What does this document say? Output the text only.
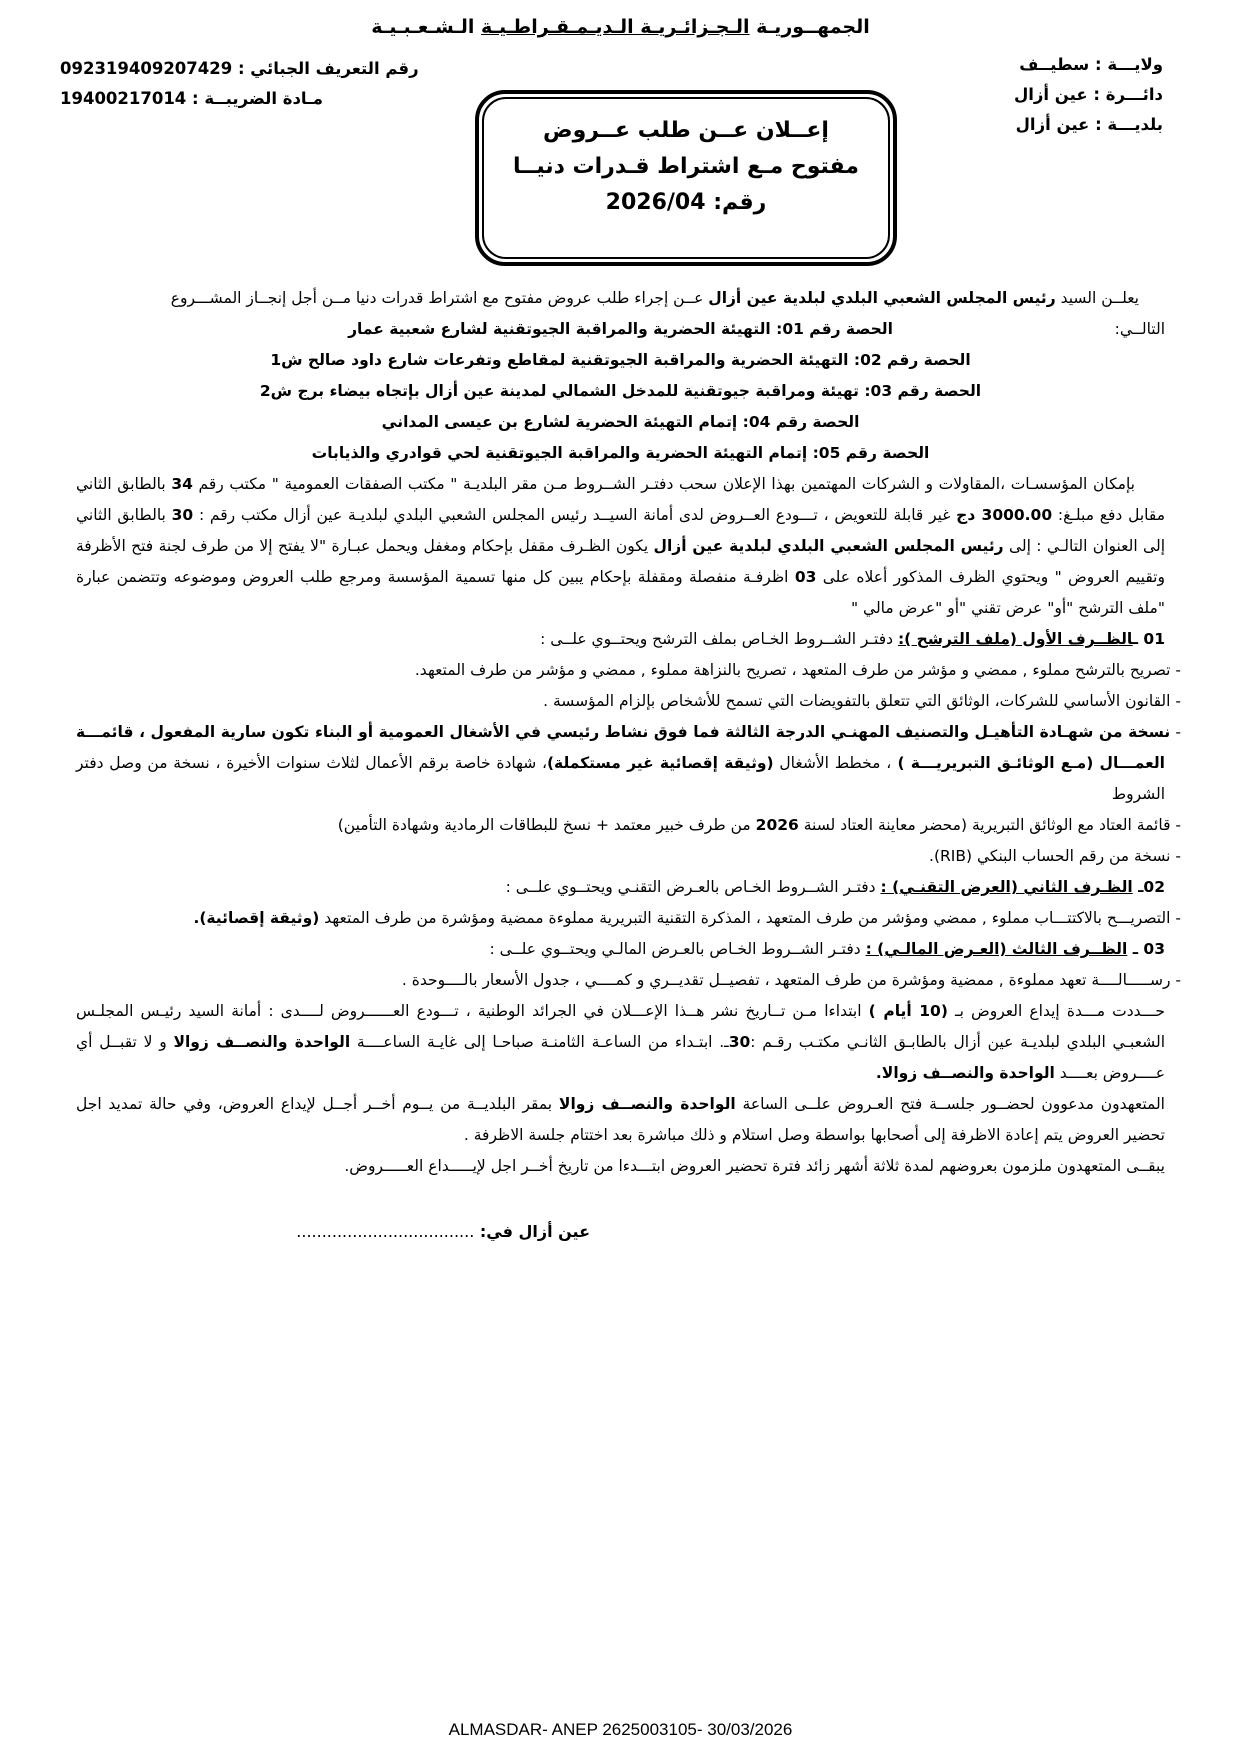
الجمهــوريـة الـجـزائـريـة الـديـمـقـراطـيـة الـشـعـبـيـة
ولايـــة : سطيــف
دائـــرة : عين أزال
بلديـــة : عين أزال
رقم التعريف الجبائي : 092319409207429
مـادة الضريبــة : 19400217014
إعــلان عــن طلب عــروض
مفتوح مـع اشتراط قـدرات دنيــا
رقم: 2026/04

يعلــن السيد رئيس المجلس الشعبي البلدي لبلدية عين أزال عــن إجراء طلب عروض مفتوح مع اشتراط قدرات دنيا مــن أجل إنجــاز المشـــروع

التالــي:
الحصة رقم 01: التهيئة الحضرية والمراقبة الجيوتقنية لشارع شعبية عمار
الحصة رقم 02: التهيئة الحضرية والمراقبة الجيوتقنية لمقاطع وتفرعات شارع داود صالح ش1
الحصة رقم 03: تهيئة ومراقبة جيوتقنية للمدخل الشمالي لمدينة عين أزال بإتجاه بيضاء برج ش2
الحصة رقم 04: إتمام التهيئة الحضرية لشارع بن عيسى المداني
الحصة رقم 05: إتمام التهيئة الحضرية والمراقبة الجيوتقنية لحي قوادري والذيابات

بإمكان المؤسسـات ،المقاولات و الشركات المهتمين بهذا الإعلان سحب دفتـر الشــروط مـن مقر البلديـة " مكتب الصفقات العمومية " مكتب رقم 34 بالطابق الثاني مقابل دفع مبلـغ: 3000.00 دج غير قابلة للتعويض ، تـــودع العــروض لدى أمانة السيــد رئيس المجلس الشعبي البلدي لبلديـة عين أزال مكتب رقم : 30 بالطابق الثاني إلى العنوان التالـي : إلى رئيس المجلس الشعبي البلدي لبلدية عين أزال يكون الظـرف مقفل بإحكام ومغفل ويحمل عبـارة "لا يفتح إلا من طرف لجنة فتح الأظرفة وتقييم العروض " ويحتوي الظرف المذكور أعلاه على 03 اظرفـة منفصلة ومقفلة بإحكام يبين كل منها تسمية المؤسسة ومرجع طلب العروض وموضوعه وتتضمن عبارة "ملف الترشح "أو" عرض تقني "أو "عرض مالي "

01 ـالظــرف الأول (ملف الترشح ): دفتـر الشــروط الخـاص بملف الترشح ويحتــوي علــى :
- تصريح بالترشح مملوء , ممضي و مؤشر من طرف المتعهد ، تصريح بالنزاهة مملوء , ممضي و مؤشر من طرف المتعهد.
- القانون الأساسي للشركات، الوثائق التي تتعلق بالتفويضات التي تسمح للأشخاص بإلزام المؤسسة .
- نسخة من شهـادة التأهيـل والتصنيف المهنـي الدرجة الثالثة فما فوق نشاط رئيسي في الأشغال العمومية أو البناء تكون سارية المفعول ، قائمـــة العمـــال (مـع الوثائـق التبريريـــة ) ، مخطط الأشغال (وثيقة إقصائية غير مستكملة)، شهادة خاصة برقم الأعمال لثلاث سنوات الأخيرة ، نسخة من وصل دفتر الشروط
- قائمة العتاد مع الوثائق التبريرية (محضر معاينة العتاد لسنة 2026 من طرف خبير معتمد + نسخ للبطاقات الرمادية وشهادة التأمين)
- نسخة من رقم الحساب البنكي (RIB).
02ـ الظـرف الثاني (العرض التقنـي) : دفتـر الشــروط الخـاص بالعـرض التقنـي ويحتــوي علــى :
- التصريـــح بالاكتتـــاب مملوء , ممضي ومؤشر من طرف المتعهد ، المذكرة التقنية التبريرية مملوءة ممضية ومؤشرة من طرف المتعهد (وثيقة إقصائية).
03 ـ الظــرف الثالث (العـرض المالـي) : دفتـر الشــروط الخـاص بالعـرض المالـي ويحتــوي علــى :
- رســـــالــــة تعهد مملوءة , ممضية ومؤشرة من طرف المتعهد ، تفصيــل تقديــري و كمــــي ، جدول الأسعار بالــــوحدة .

حـــددت مـــدة إيداع العروض بـ (10 أيام ) ابتداءا مـن تــاريخ نشر هــذا الإعـــلان في الجرائد الوطنية ، تـــودع العــــــروض لــــدى : أمانة السيد رئيـس المجلـس الشعبـي البلدي لبلديـة عين أزال بالطابـق الثانـي مكتـب رقـم :30ـ. ابتـداء من الساعـة الثامنـة صباحـا إلى غايـة الساعــــة الواحدة والنصــف زوالا و لا تقبــل أي عــــروض بعــــد الواحدة والنصــف زوالا.

المتعهدون مدعوون لحضــور جلســة فتح العـروض علــى الساعة الواحدة والنصــف زوالا بمقر البلديــة من يــوم أخــر أجــل لإيداع العروض، وفي حالة تمديد اجل تحضير العروض يتم إعادة الاظرفة إلى أصحابها بواسطة وصل استلام و ذلك مباشرة بعد اختتام جلسة الاظرفة .

يبقــى المتعهدون ملزمون بعروضهم لمدة ثلاثة أشهر زائد فترة تحضير العروض ابتـــدءا من تاريخ أخــر اجل لإيـــــداع العـــــروض.

عين أزال في: ...................................
ALMASDAR- ANEP 2625003105- 30/03/2026
